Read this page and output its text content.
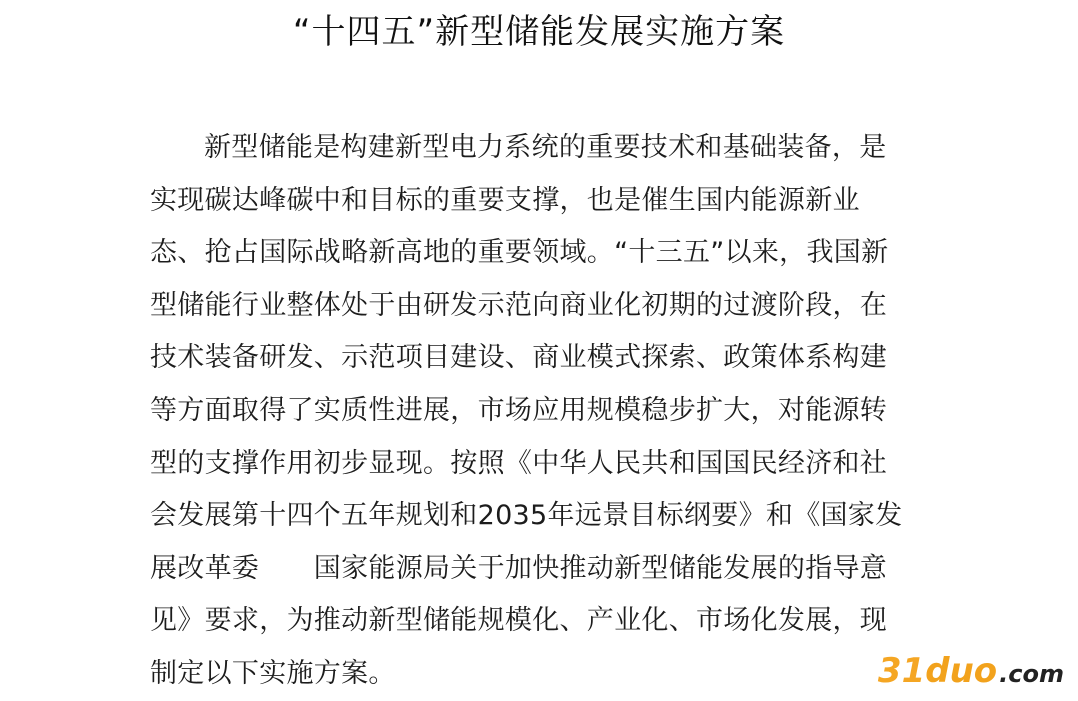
“十四五”新型储能发展实施方案
新型储能是构建新型电力系统的重要技术和基础装备，是
实现碳达峰碳中和目标的重要支撑，也是催生国内能源新业
态、抢占国际战略新高地的重要领域。“十三五”以来，我国新
型储能行业整体处于由研发示范向商业化初期的过渡阶段，在
技术装备研发、示范项目建设、商业模式探索、政策体系构建
等方面取得了实质性进展，市场应用规模稳步扩大，对能源转
型的支撑作用初步显现。按照《中华人民共和国国民经济和社
会发展第十四个五年规划和2035年远景目标纲要》和《国家发
展改革委　　国家能源局关于加快推动新型储能发展的指导意
见》要求，为推动新型储能规模化、产业化、市场化发展，现
制定以下实施方案。	31 duo .com
